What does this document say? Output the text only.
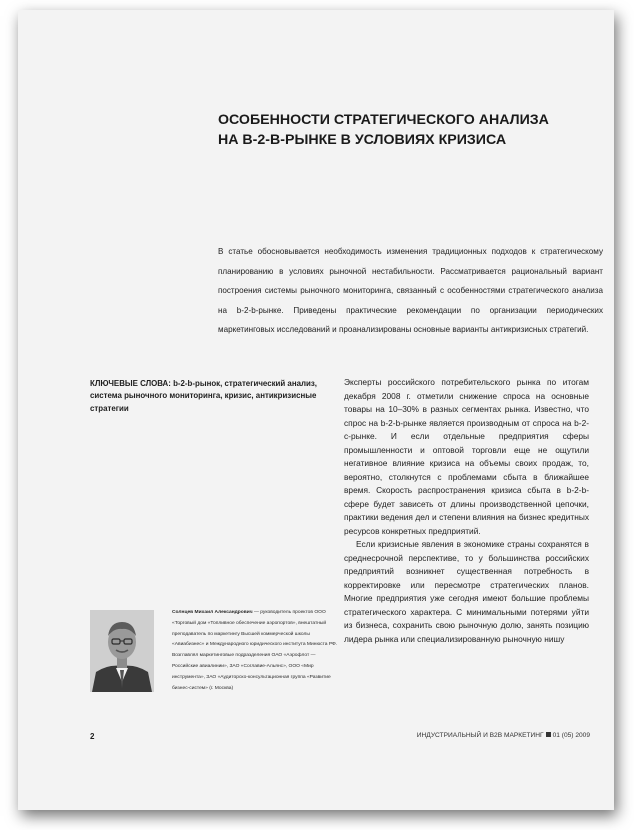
ОСОБЕННОСТИ СТРАТЕГИЧЕСКОГО АНАЛИЗА
НА B-2-B-РЫНКЕ В УСЛОВИЯХ КРИЗИСА

В статье обосновывается необходимость изменения традиционных подходов к стратегическому планированию в условиях рыночной нестабильности. Рассматривается рациональный вариант построения системы рыночного мониторинга, связанный с особенностями стратегического анализа на b-2-b-рынке. Приведены практические рекомендации по организации периодических маркетинговых исследований и проанализированы основные варианты антикризисных стратегий.

КЛЮЧЕВЫЕ СЛОВА: b-2-b-рынок, стратегический анализ, система рыночного мониторинга, кризис, антикризисные стратегии

Эксперты российского потребительского рынка по итогам декабря 2008 г. отметили снижение спроса на основные товары на 10–30% в разных сегментах рынка. Известно, что спрос на b-2-b-рынке является производным от спроса на b-2-c-рынке. И если отдельные предприятия сферы промышленности и оптовой торговли еще не ощутили негативное влияние кризиса на объемы своих продаж, то, вероятно, столкнутся с проблемами сбыта в ближайшее время. Скорость распространения кризиса сбыта в b-2-b-сфере будет зависеть от длины производственной цепочки, практики ведения дел и степени влияния на бизнес кредитных ресурсов конкретных предприятий.

Если кризисные явления в экономике страны сохранятся в среднесрочной перспективе, то у большинства российских предприятий возникнет существенная потребность в корректировке или пересмотре стратегических планов. Многие предприятия уже сегодня имеют большие проблемы стратегического характера. С минимальными потерями уйти из бизнеса, сохранить свою рыночную долю, занять позицию лидера рынка или специализированную рыночную нишу

Солнцев Михаил Александрович — руководитель проектов ООО «Торговый дом «Топливное обеспечение аэропортов», внештатный преподаватель по маркетингу Высшей коммерческой школы «Авиабизнес» и Международного юридического института Минюста РФ. Возглавлял маркетинговые подразделения ОАО «Аэрофлот — Российские авиалинии», ЗАО «Соглавие-Альянс», ООО «Мир инструмента», ЗАО «Аудиторско-консультационная группа «Развитие бизнес-систем» (г. Москва)

2	ИНДУСТРИАЛЬНЫЙ И B2B МАРКЕТИНГ 01 (05) 2009
